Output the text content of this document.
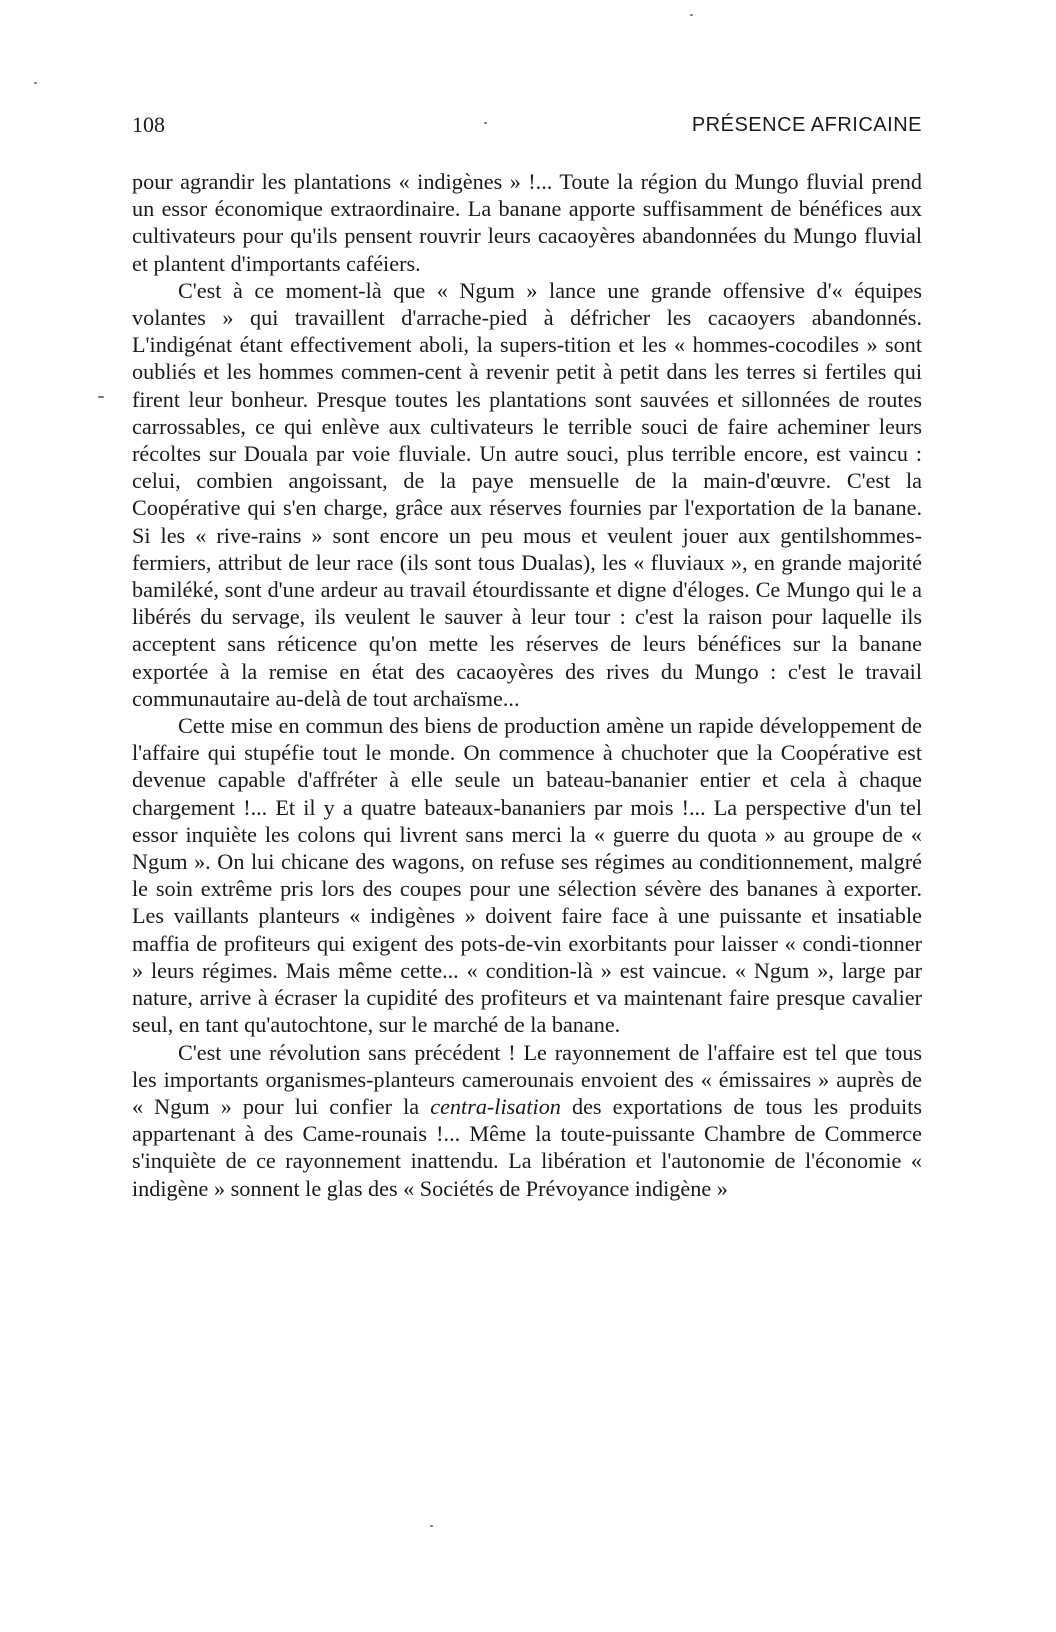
108	PRÉSENCE AFRICAINE

pour agrandir les plantations « indigènes » !... Toute la région du Mungo fluvial prend un essor économique extraordinaire. La banane apporte suffisamment de bénéfices aux cultivateurs pour qu'ils pensent rouvrir leurs cacaoyères abandonnées du Mungo fluvial et plantent d'importants caféiers.

C'est à ce moment-là que « Ngum » lance une grande offensive d'« équipes volantes » qui travaillent d'arrache-pied à défricher les cacaoyers abandonnés. L'indigénat étant effectivement aboli, la supers-tition et les « hommes-cocodiles » sont oubliés et les hommes commen-cent à revenir petit à petit dans les terres si fertiles qui firent leur bonheur. Presque toutes les plantations sont sauvées et sillonnées de routes carrossables, ce qui enlève aux cultivateurs le terrible souci de faire acheminer leurs récoltes sur Douala par voie fluviale. Un autre souci, plus terrible encore, est vaincu : celui, combien angoissant, de la paye mensuelle de la main-d'œuvre. C'est la Coopérative qui s'en charge, grâce aux réserves fournies par l'exportation de la banane. Si les « rive-rains » sont encore un peu mous et veulent jouer aux gentilshommes-fermiers, attribut de leur race (ils sont tous Dualas), les « fluviaux », en grande majorité bamiléké, sont d'une ardeur au travail étourdissante et digne d'éloges. Ce Mungo qui le a libérés du servage, ils veulent le sauver à leur tour : c'est la raison pour laquelle ils acceptent sans réticence qu'on mette les réserves de leurs bénéfices sur la banane exportée à la remise en état des cacaoyères des rives du Mungo : c'est le travail communautaire au-delà de tout archaïsme...

Cette mise en commun des biens de production amène un rapide développement de l'affaire qui stupéfie tout le monde. On commence à chuchoter que la Coopérative est devenue capable d'affréter à elle seule un bateau-bananier entier et cela à chaque chargement !... Et il y a quatre bateaux-bananiers par mois !... La perspective d'un tel essor inquiète les colons qui livrent sans merci la « guerre du quota » au groupe de « Ngum ». On lui chicane des wagons, on refuse ses régimes au conditionnement, malgré le soin extrême pris lors des coupes pour une sélection sévère des bananes à exporter. Les vaillants planteurs « indigènes » doivent faire face à une puissante et insatiable maffia de profiteurs qui exigent des pots-de-vin exorbitants pour laisser « condi-tionner » leurs régimes. Mais même cette... « condition-là » est vaincue. « Ngum », large par nature, arrive à écraser la cupidité des profiteurs et va maintenant faire presque cavalier seul, en tant qu'autochtone, sur le marché de la banane.

C'est une révolution sans précédent ! Le rayonnement de l'affaire est tel que tous les importants organismes-planteurs camerounais envoient des « émissaires » auprès de « Ngum » pour lui confier la centra-lisation des exportations de tous les produits appartenant à des Came-rounais !... Même la toute-puissante Chambre de Commerce s'inquiète de ce rayonnement inattendu. La libération et l'autonomie de l'économie « indigène » sonnent le glas des « Sociétés de Prévoyance indigène »
